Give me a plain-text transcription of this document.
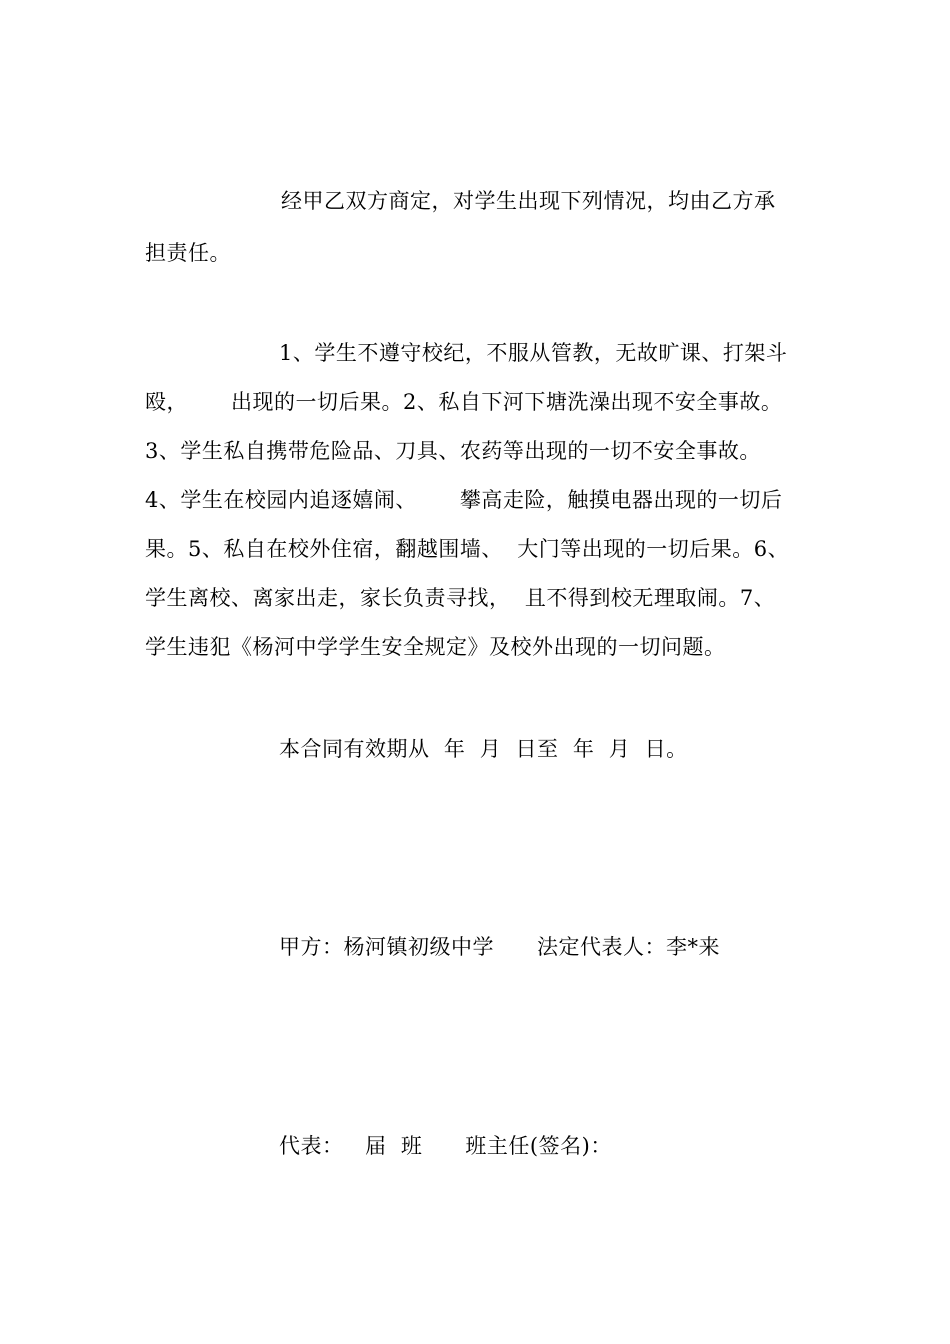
经甲乙双方商定，对学生出现下列情况，均由乙方承
担责任。
1、学生不遵守校纪，不服从管教，无故旷课、打架斗
殴，      出现的一切后果。2、私自下河下塘洗澡出现不安全事故。
3、学生私自携带危险品、刀具、农药等出现的一切不安全事故。
4、学生在校园内追逐嬉闹、      攀高走险，触摸电器出现的一切后
果。5、私自在校外住宿，翻越围墙、  大门等出现的一切后果。6、
学生离校、离家出走，家长负责寻找，  且不得到校无理取闹。7、
学生违犯《杨河中学学生安全规定》及校外出现的一切问题。
本合同有效期从  年  月  日至  年  月  日。
甲方：杨河镇初级中学      法定代表人：李*来
代表：   届  班      班主任(签名)：
